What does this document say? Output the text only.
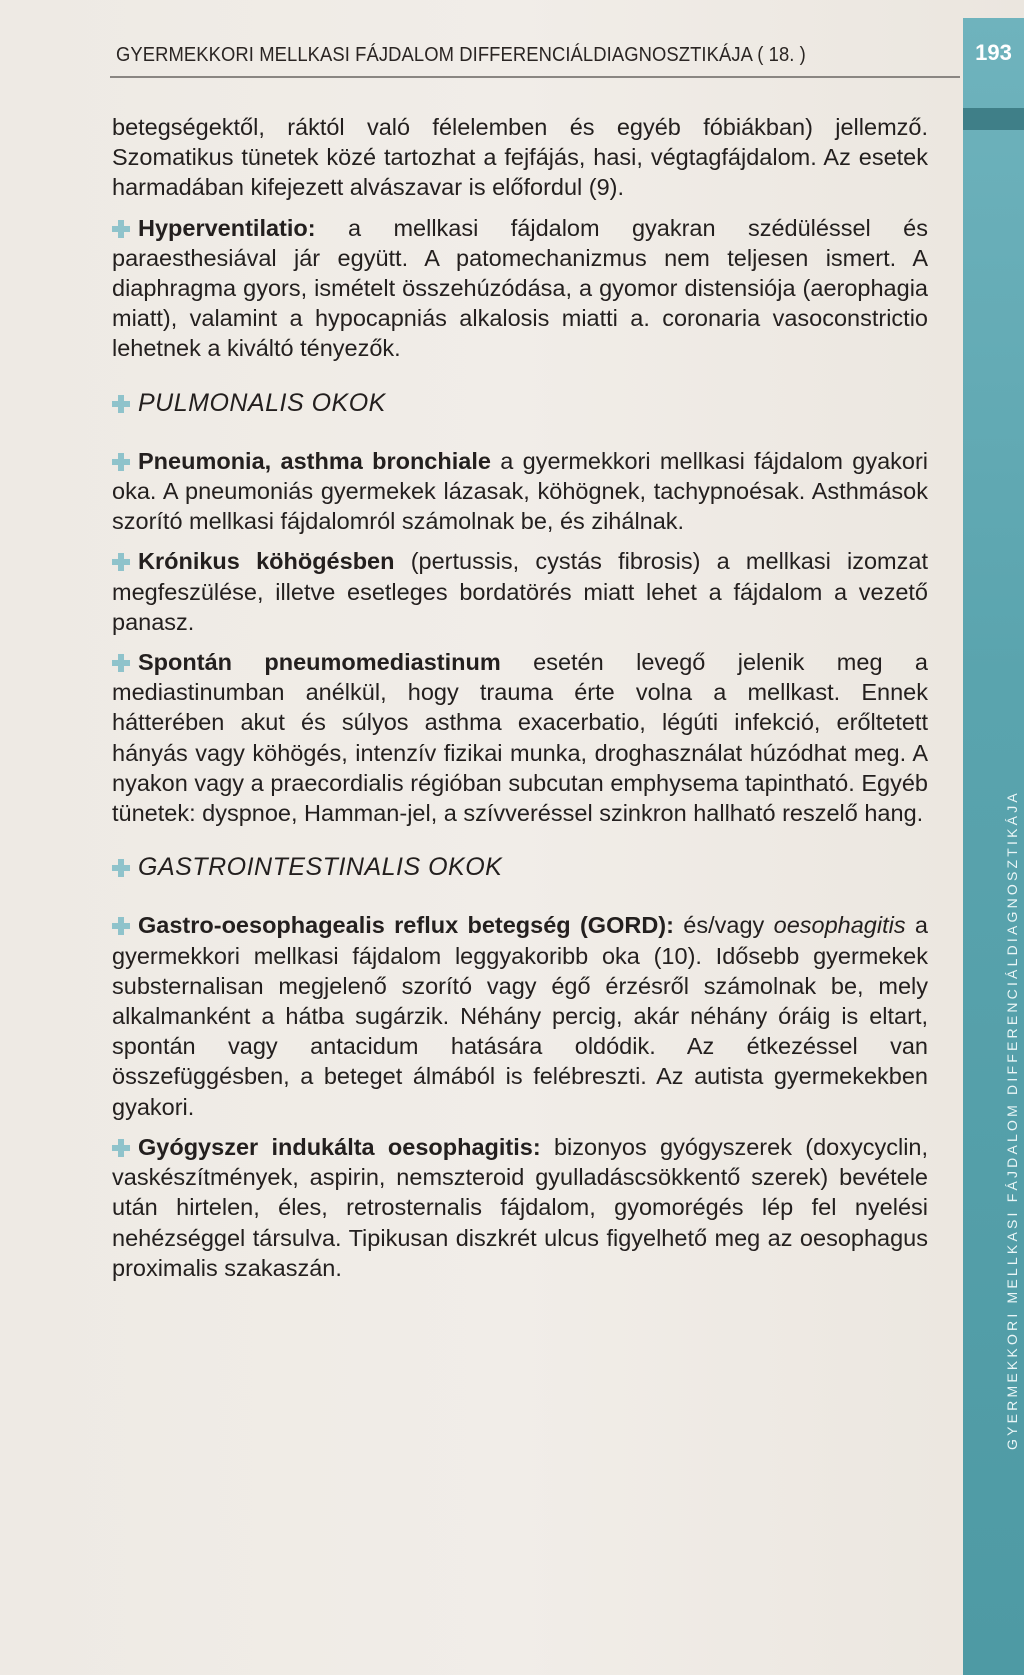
GYERMEKKORI MELLKASI FÁJDALOM DIFFERENCIÁLDIAGNOSZTIKÁJA ( 18. )	193
GYERMEKKORI MELLKASI FÁJDALOM DIFFERENCIÁLDIAGNOSZTIKÁJA

betegségektől, ráktól való félelemben és egyéb fóbiákban) jellemző. Szomatikus tünetek közé tartozhat a fejfájás, hasi, végtagfájdalom. Az esetek harmadában kifejezett alvászavar is előfordul (9).

Hyperventilatio: a mellkasi fájdalom gyakran szédüléssel és paraesthesiával jár együtt. A patomechanizmus nem teljesen ismert. A diaphragma gyors, ismételt összehúzódása, a gyomor distensiója (aerophagia miatt), valamint a hypocapniás alkalosis miatti a. coronaria vasoconstrictio lehetnek a kiváltó tényezők.

PULMONALIS OKOK

Pneumonia, asthma bronchiale a gyermekkori mellkasi fájdalom gyakori oka. A pneumoniás gyermekek lázasak, köhögnek, tachypnoésak. Asthmások szorító mellkasi fájdalomról számolnak be, és zihálnak.

Krónikus köhögésben (pertussis, cystás fibrosis) a mellkasi izomzat megfeszülése, illetve esetleges bordatörés miatt lehet a fájdalom a vezető panasz.

Spontán pneumomediastinum esetén levegő jelenik meg a mediastinumban anélkül, hogy trauma érte volna a mellkast. Ennek hátterében akut és súlyos asthma exacerbatio, légúti infekció, erőltetett hányás vagy köhögés, intenzív fizikai munka, droghasználat húzódhat meg. A nyakon vagy a praecordialis régióban subcutan emphysema tapintható. Egyéb tünetek: dyspnoe, Hamman-jel, a szívveréssel szinkron hallható reszelő hang.

GASTROINTESTINALIS OKOK

Gastro-oesophagealis reflux betegség (GORD): és/vagy oesophagitis a gyermekkori mellkasi fájdalom leggyakoribb oka (10). Idősebb gyermekek substernalisan megjelenő szorító vagy égő érzésről számolnak be, mely alkalmanként a hátba sugárzik. Néhány percig, akár néhány óráig is eltart, spontán vagy antacidum hatására oldódik. Az étkezéssel van összefüggésben, a beteget álmából is felébreszti. Az autista gyermekekben gyakori.

Gyógyszer indukálta oesophagitis: bizonyos gyógyszerek (doxycyclin, vaskészítmények, aspirin, nemszteroid gyulladáscsökkentő szerek) bevétele után hirtelen, éles, retrosternalis fájdalom, gyomorégés lép fel nyelési nehézséggel társulva. Tipikusan diszkrét ulcus figyelhető meg az oesophagus proximalis szakaszán.
